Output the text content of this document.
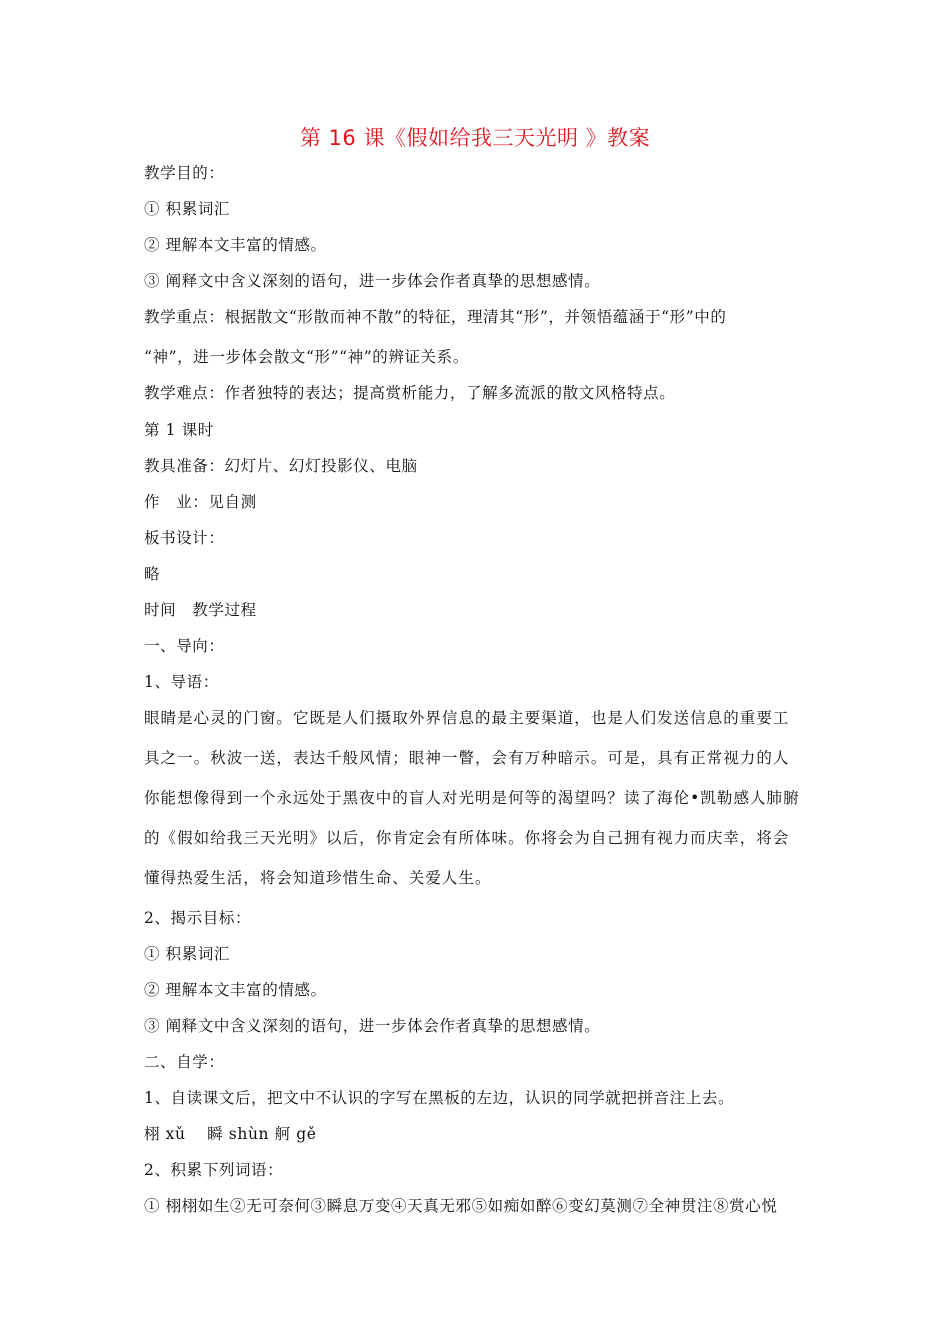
第 16 课《假如给我三天光明 》教案
教学目的：
① 积累词汇
② 理解本文丰富的情感。
③ 阐释文中含义深刻的语句，进一步体会作者真挚的思想感情。
教学重点：根据散文“形散而神不散”的特征，理清其“形”，并领悟蕴涵于“形”中的
“神”，进一步体会散文“形”“神”的辨证关系。
教学难点：作者独特的表达；提高赏析能力，了解多流派的散文风格特点。
第 1 课时
教具准备：幻灯片、幻灯投影仪、电脑
作　业：见自测
板书设计：
略
时间　教学过程
一、导向：
1、导语：
眼睛是心灵的门窗。它既是人们摄取外界信息的最主要渠道，也是人们发送信息的重要工
具之一。秋波一送，表达千般风情；眼神一瞥，会有万种暗示。可是，具有正常视力的人
你能想像得到一个永远处于黑夜中的盲人对光明是何等的渴望吗？读了海伦•凯勒感人肺腑
的《假如给我三天光明》以后，你肯定会有所体味。你将会为自己拥有视力而庆幸，将会
懂得热爱生活，将会知道珍惜生命、关爱人生。
2、揭示目标：
① 积累词汇
② 理解本文丰富的情感。
③ 阐释文中含义深刻的语句，进一步体会作者真挚的思想感情。
二、自学：
1、自读课文后，把文中不认识的字写在黑板的左边，认识的同学就把拼音注上去。
栩 xǔ　 瞬 shùn 舸 gě
2、积累下列词语：
① 栩栩如生②无可奈何③瞬息万变④天真无邪⑤如痴如醉⑥变幻莫测⑦全神贯注⑧赏心悦
